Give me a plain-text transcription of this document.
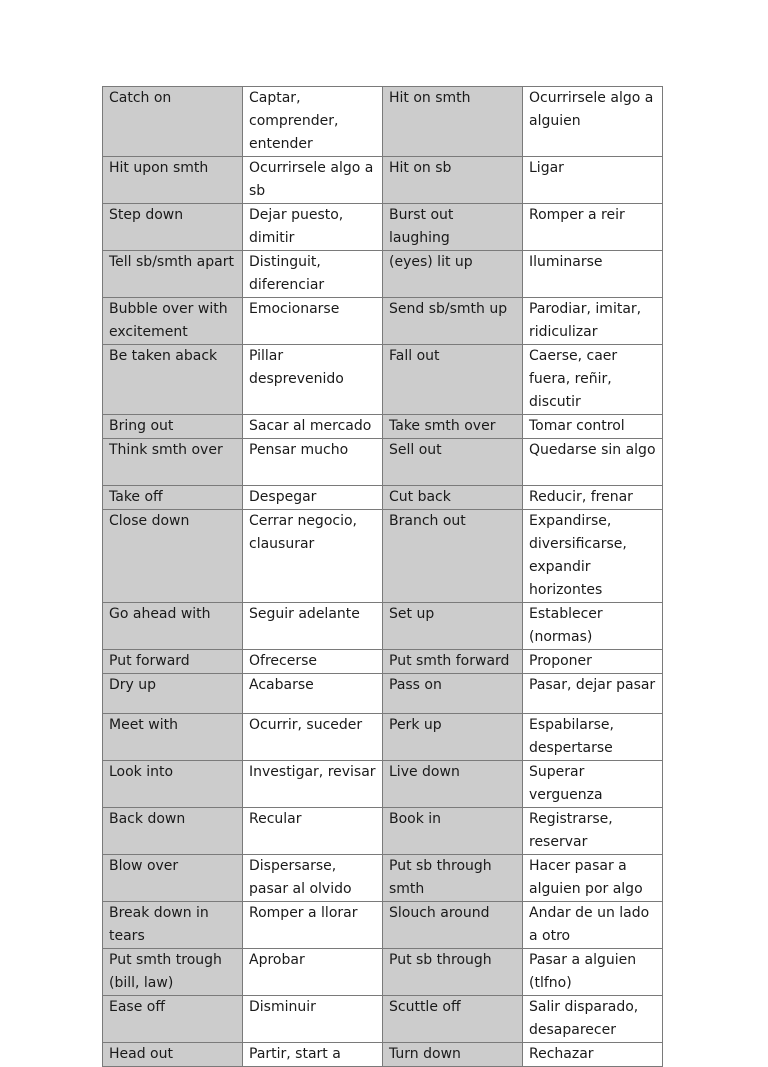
Catch on	Captar, comprender, entender	Hit on smth	Ocurrirsele algo a alguien
Hit upon smth	Ocurrirsele algo a sb	Hit on sb	Ligar
Step down	Dejar puesto, dimitir	Burst out laughing	Romper a reir
Tell sb/smth apart	Distinguit, diferenciar	(eyes) lit up	Iluminarse
Bubble over with excitement	Emocionarse	Send sb/smth up	Parodiar, imitar, ridiculizar
Be taken aback	Pillar desprevenido	Fall out	Caerse, caer fuera, reñir, discutir
Bring out	Sacar al mercado	Take smth over	Tomar control
Think smth over	Pensar mucho	Sell out	Quedarse sin algo
Take off	Despegar	Cut back	Reducir, frenar
Close down	Cerrar negocio, clausurar	Branch out	Expandirse, diversificarse, expandir horizontes
Go ahead with	Seguir adelante	Set up	Establecer (normas)
Put forward	Ofrecerse	Put smth forward	Proponer
Dry up	Acabarse	Pass on	Pasar, dejar pasar
Meet with	Ocurrir, suceder	Perk up	Espabilarse, despertarse
Look into	Investigar, revisar	Live down	Superar verguenza
Back down	Recular	Book in	Registrarse, reservar
Blow over	Dispersarse, pasar al olvido	Put sb through smth	Hacer pasar a alguien por algo
Break down in tears	Romper a llorar	Slouch around	Andar de un lado a otro
Put smth trough (bill, law)	Aprobar	Put sb through	Pasar a alguien (tlfno)
Ease off	Disminuir	Scuttle off	Salir disparado, desaparecer
Head out	Partir, start a	Turn down	Rechazar
